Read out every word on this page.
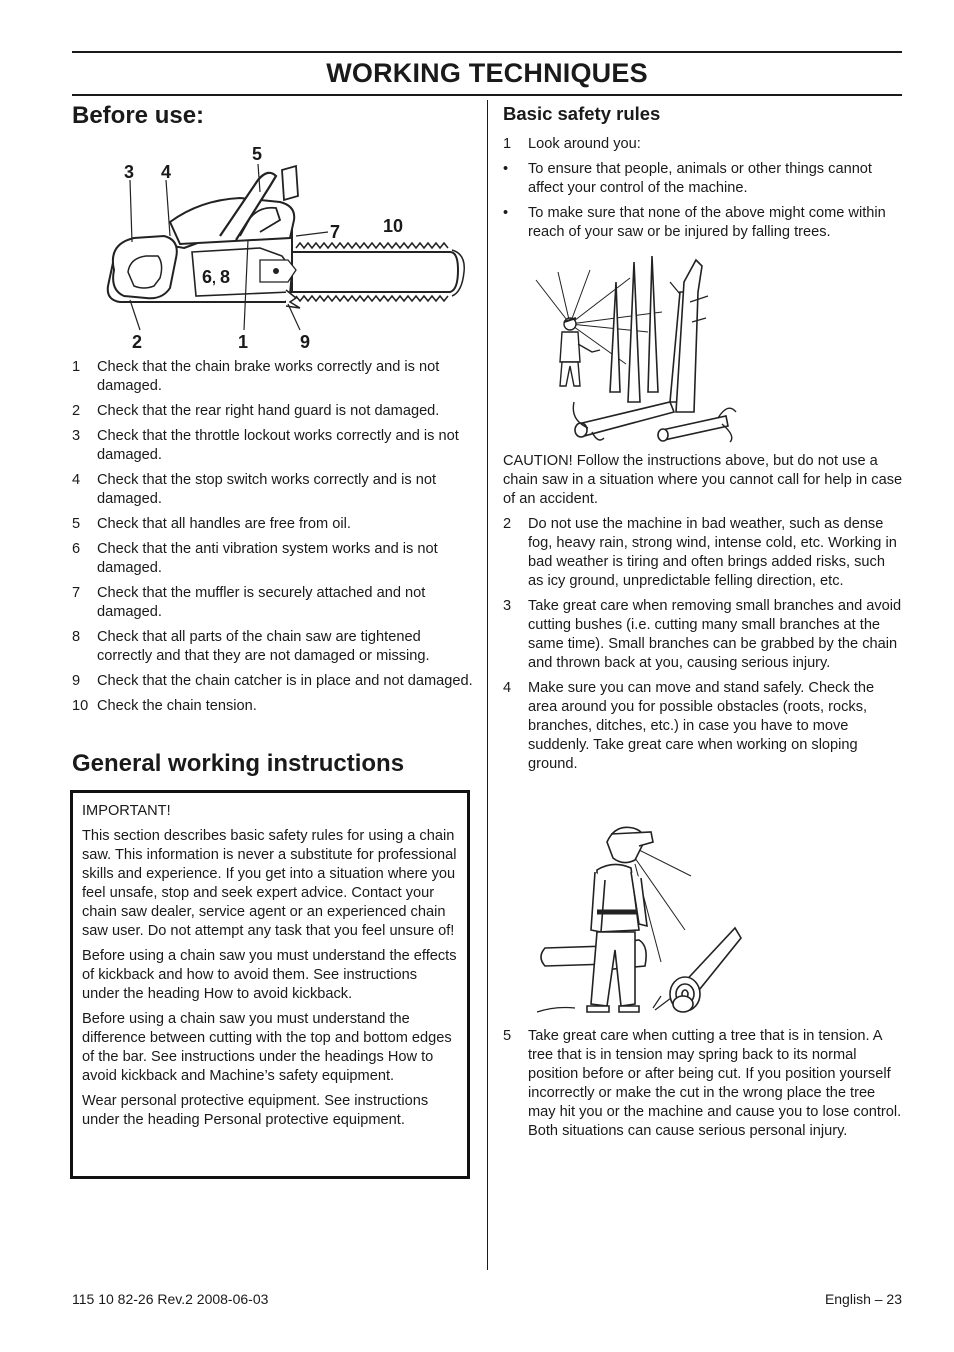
WORKING TECHNIQUES
Before use:
3 4
5
7 10
6 , 8
2	1	9
1	Check that the chain brake works correctly and is not damaged.
2	Check that the rear right hand guard is not damaged.
3	Check that the throttle lockout works correctly and is not damaged.
4	Check that the stop switch works correctly and is not damaged.
5	Check that all handles are free from oil.
6	Check that the anti vibration system works and is not damaged.
7	Check that the muffler is securely attached and not damaged.
8	Check that all parts of the chain saw are tightened correctly and that they are not damaged or missing.
9	Check that the chain catcher is in place and not damaged.
10 Check the chain tension.
General working instructions

IMPORTANT!

This section describes basic safety rules for using a chain saw. This information is never a substitute for professional skills and experience. If you get into a situation where you feel unsafe, stop and seek expert advice. Contact your chain saw dealer, service agent or an experienced chain saw user. Do not attempt any task that you feel unsure of!

Before using a chain saw you must understand the effects of kickback and how to avoid them. See instructions under the heading How to avoid kickback.

Before using a chain saw you must understand the difference between cutting with the top and bottom edges of the bar. See instructions under the headings How to avoid kickback and Machine’s safety equipment.

Wear personal protective equipment. See instructions under the heading Personal protective equipment.

Basic safety rules
1	Look around you:
•	To ensure that people, animals or other things cannot affect your control of the machine.
•	To make sure that none of the above might come within reach of your saw or be injured by falling trees.

CAUTION! Follow the instructions above, but do not use a chain saw in a situation where you cannot call for help in case of an accident.

2	Do not use the machine in bad weather, such as dense fog, heavy rain, strong wind, intense cold, etc. Working in bad weather is tiring and often brings added risks, such as icy ground, unpredictable felling direction, etc.
3	Take great care when removing small branches and avoid cutting bushes (i.e. cutting many small branches at the same time). Small branches can be grabbed by the chain and thrown back at you, causing serious injury.
4	Make sure you can move and stand safely. Check the area around you for possible obstacles (roots, rocks, branches, ditches, etc.) in case you have to move suddenly. Take great care when working on sloping ground.
5	Take great care when cutting a tree that is in tension. A tree that is in tension may spring back to its normal position before or after being cut. If you position yourself incorrectly or make the cut in the wrong place the tree may hit you or the machine and cause you to lose control. Both situations can cause serious personal injury.
115 10 82-26 Rev.2 2008-06-03	English – 23
